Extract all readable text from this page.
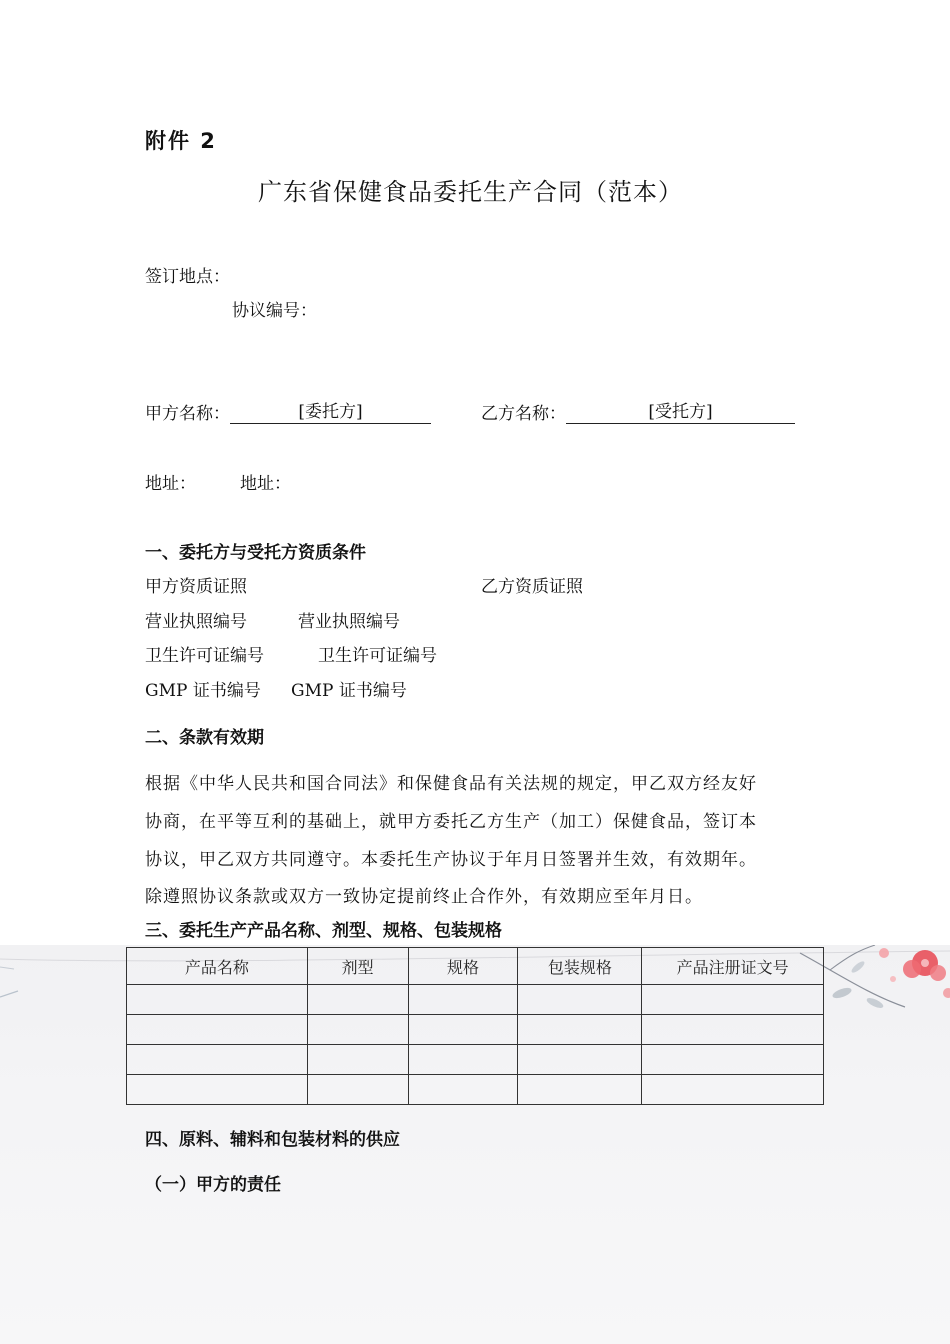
附件 2
广东省保健食品委托生产合同（范本）
签订地点：
协议编号：
甲方名称：	[委托方]	乙方名称：	[受托方]
地址：	地址：
一、委托方与受托方资质条件
甲方资质证照	乙方资质证照
营业执照编号	营业执照编号
卫生许可证编号	卫生许可证编号
GMP 证书编号 GMP 证书编号
二、条款有效期
根据《中华人民共和国合同法》和保健食品有关法规的规定，甲乙双方经友好
协商，在平等互利的基础上，就甲方委托乙方生产（加工）保健食品，签订本
协议，甲乙双方共同遵守。本委托生产协议于年月日签署并生效，有效期年。
除遵照协议条款或双方一致协定提前终止合作外，有效期应至年月日。
三、委托生产产品名称、剂型、规格、包装规格
产品名称	剂型	规格	包装规格	产品注册证文号

四、原料、辅料和包装材料的供应
（一）甲方的责任
